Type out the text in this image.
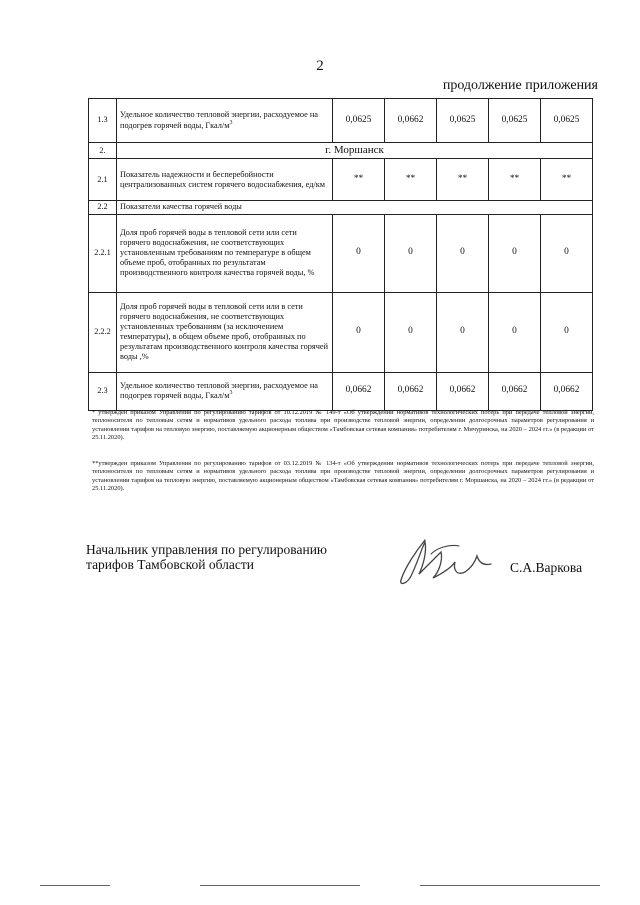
2
продолжение приложения
1.3	Удельное количество тепловой энергии, расходуемое на подогрев горячей воды, Гкал/$м^3$	0,0625	0,0662	0,0625	0,0625	0,0625
2.	г. Моршанск					
2.1	Показатель надежности и бесперебойности централизованных систем горячего водоснабжения, ед/км	**	**	**	**	**
2.2	Показатели качества горячей воды					
2.2.1	Доля проб горячей воды в тепловой сети или сети горячего водоснабжения, не соответствующих установленным требованиям по температуре в общем объеме проб, отобранных по результатам производственного контроля качества горячей воды, %	0	0	0	0	0
2.2.2	Доля проб горячей воды в тепловой сети или в сети горячего водоснабжения, не соответствующих установленных требованиям (за исключением температуры), в общем объеме проб, отобранных по результатам производственного контроля качества горячей воды ,%	0	0	0	0	0
2.3	Удельное количество тепловой энергии, расходуемое на подогрев горячей воды, Гкал/$м^3$	0,0662	0,0662	0,0662	0,0662	0,0662
* утвержден приказом Управления по регулированию тарифов от 10.12.2019 № 149-т «Об утверждении нормативов технологических потерь при передаче тепловой энергии, теплоносителя по тепловым сетям и нормативов удельного расхода топлива при производстве тепловой энергии, определении долгосрочных параметров регулирования и установлении тарифов на тепловую энергию, поставляемую акционерным обществом «Тамбовская сетевая компания» потребителям г. Мичуринска, на 2020 – 2024 гг.» (в редакции от 25.11.2020).
**утвержден приказом Управления по регулированию тарифов от 03.12.2019 № 134-т «Об утверждении нормативов технологических потерь при передаче тепловой энергии, теплоносителя по тепловым сетям и нормативов удельного расхода топлива при производстве тепловой энергии, определении долгосрочных параметров регулирования и установлении тарифов на тепловую энергию, поставляемую акционерным обществом «Тамбовская сетевая компания» потребителям г. Моршанска, на 2020 – 2024 гг.» (в редакции от 25.11.2020).
Начальник управления по регулированию
тарифов Тамбовской области	С.А.Варкова
